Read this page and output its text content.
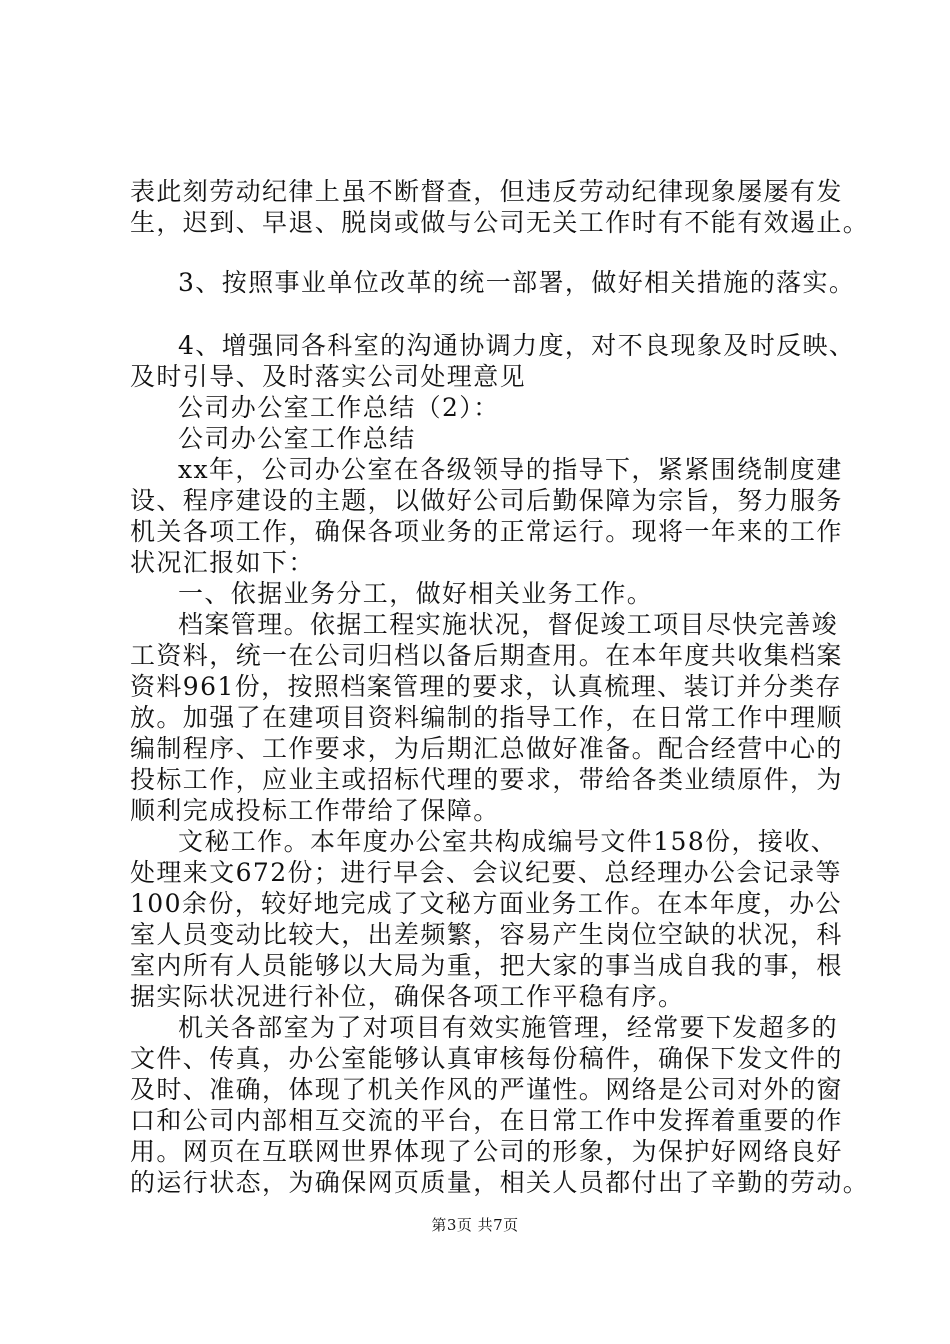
表此刻劳动纪律上虽不断督查，但违反劳动纪律现象屡屡有发
生，迟到、早退、脱岗或做与公司无关工作时有不能有效遏止。
3、按照事业单位改革的统一部署，做好相关措施的落实。
4、增强同各科室的沟通协调力度，对不良现象及时反映、
及时引导、及时落实公司处理意见
公司办公室工作总结（2）：
公司办公室工作总结
xx年，公司办公室在各级领导的指导下，紧紧围绕制度建
设、程序建设的主题，以做好公司后勤保障为宗旨，努力服务
机关各项工作，确保各项业务的正常运行。现将一年来的工作
状况汇报如下：
一、依据业务分工，做好相关业务工作。
档案管理。依据工程实施状况，督促竣工项目尽快完善竣
工资料，统一在公司归档以备后期查用。在本年度共收集档案
资料961份，按照档案管理的要求，认真梳理、装订并分类存
放。加强了在建项目资料编制的指导工作，在日常工作中理顺
编制程序、工作要求，为后期汇总做好准备。配合经营中心的
投标工作，应业主或招标代理的要求，带给各类业绩原件，为
顺利完成投标工作带给了保障。
文秘工作。本年度办公室共构成编号文件158份，接收、
处理来文672份；进行早会、会议纪要、总经理办公会记录等
100余份，较好地完成了文秘方面业务工作。在本年度，办公
室人员变动比较大，出差频繁，容易产生岗位空缺的状况，科
室内所有人员能够以大局为重，把大家的事当成自我的事，根
据实际状况进行补位，确保各项工作平稳有序。
机关各部室为了对项目有效实施管理，经常要下发超多的
文件、传真，办公室能够认真审核每份稿件，确保下发文件的
及时、准确，体现了机关作风的严谨性。网络是公司对外的窗
口和公司内部相互交流的平台，在日常工作中发挥着重要的作
用。网页在互联网世界体现了公司的形象，为保护好网络良好
的运行状态，为确保网页质量，相关人员都付出了辛勤的劳动。
第3页 共7页
